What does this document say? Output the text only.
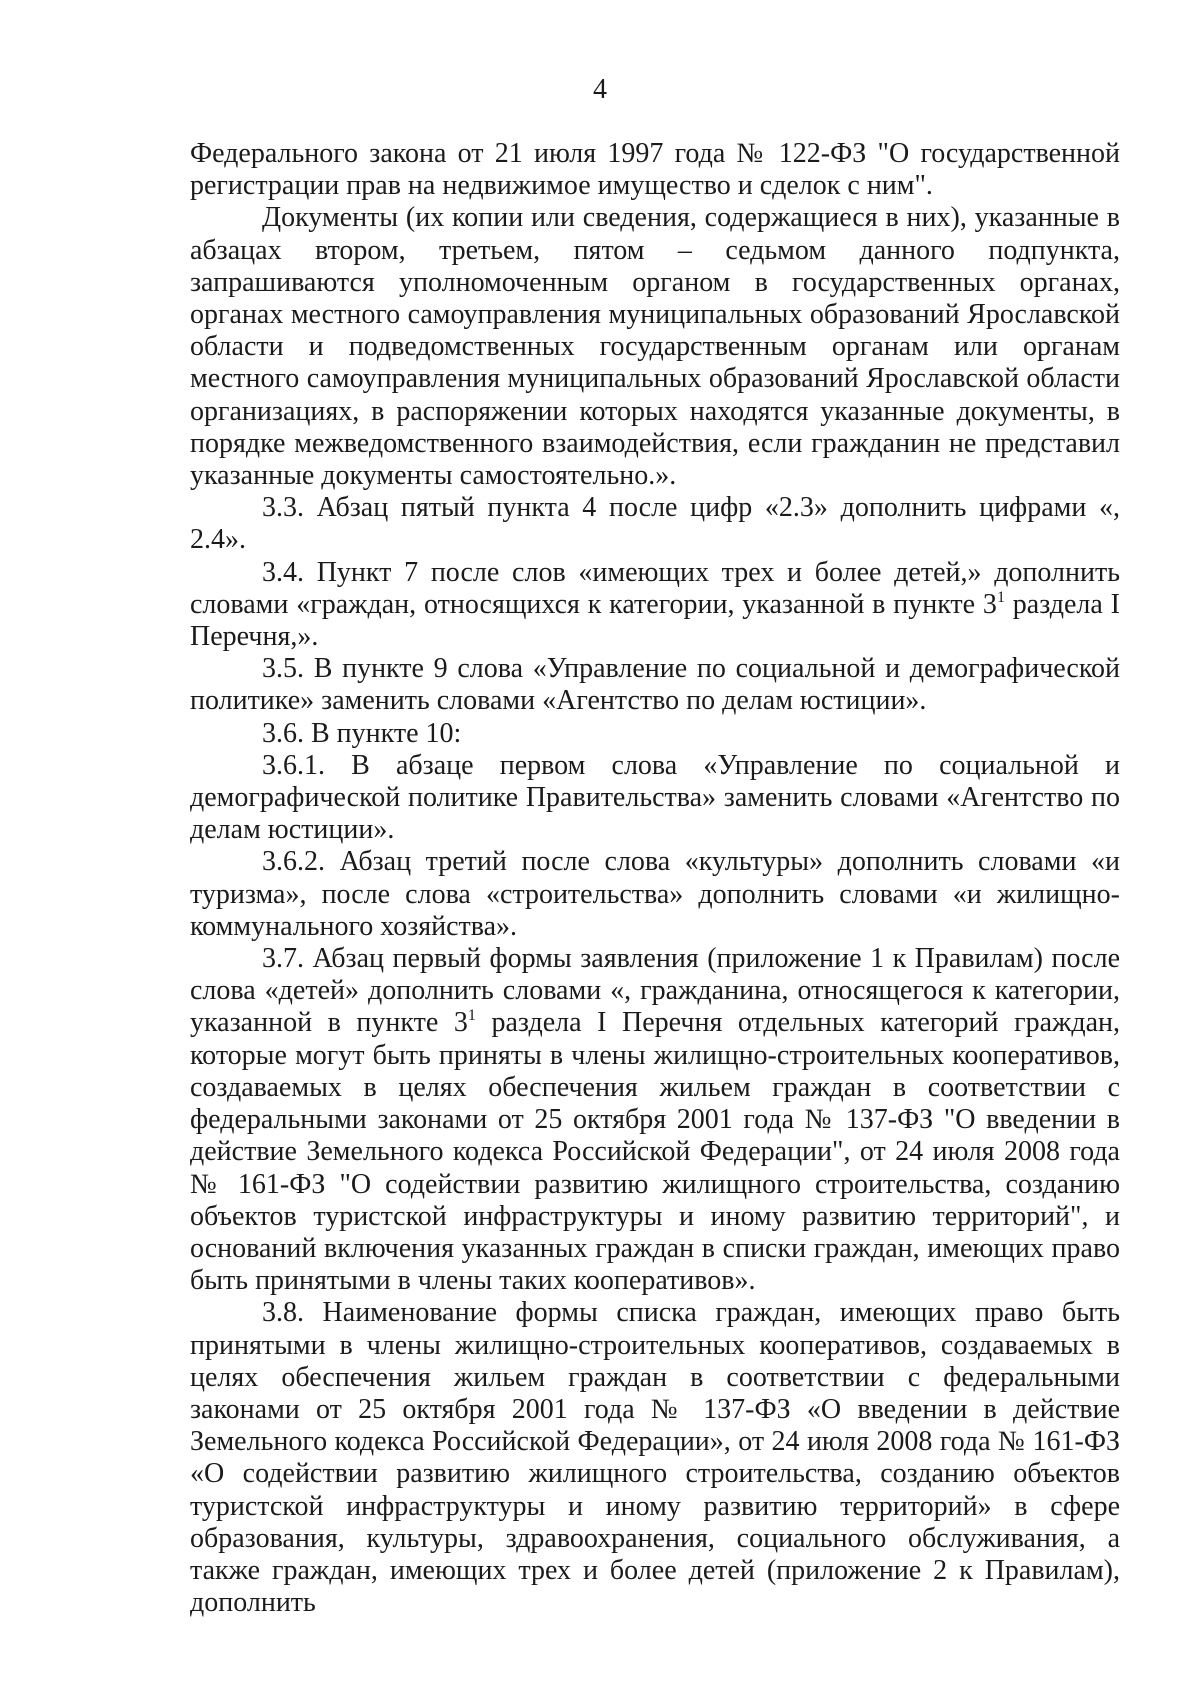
4

Федерального закона от 21 июля 1997 года № 122-ФЗ "О государственной регистрации прав на недвижимое имущество и сделок с ним".

Документы (их копии или сведения, содержащиеся в них), указанные в абзацах втором, третьем, пятом – седьмом данного подпункта, запрашиваются уполномоченным органом в государственных органах, органах местного самоуправления муниципальных образований Ярославской области и подведомственных государственным органам или органам местного самоуправления муниципальных образований Ярославской области организациях, в распоряжении которых находятся указанные документы, в порядке межведомственного взаимодействия, если гражданин не представил указанные документы самостоятельно.».

3.3. Абзац пятый пункта 4 после цифр «2.3» дополнить цифрами «, 2.4».

3.4. Пункт 7 после слов «имеющих трех и более детей,» дополнить словами «граждан, относящихся к категории, указанной в пункте $3^1$ раздела I Перечня,».

3.5. В пункте 9 слова «Управление по социальной и демографической политике» заменить словами «Агентство по делам юстиции».

3.6. В пункте 10:

3.6.1. В абзаце первом слова «Управление по социальной и демографической политике Правительства» заменить словами «Агентство по делам юстиции».

3.6.2. Абзац третий после слова «культуры» дополнить словами «и туризма», после слова «строительства» дополнить словами «и жилищно-коммунального хозяйства».

3.7. Абзац первый формы заявления (приложение 1 к Правилам) после слова «детей» дополнить словами «, гражданина, относящегося к категории, указанной в пункте $3^1$ раздела I Перечня отдельных категорий граждан, которые могут быть приняты в члены жилищно-строительных кооперативов, создаваемых в целях обеспечения жильем граждан в соответствии с федеральными законами от 25 октября 2001 года № 137-ФЗ "О введении в действие Земельного кодекса Российской Федерации", от 24 июля 2008 года № 161-ФЗ "О содействии развитию жилищного строительства, созданию объектов туристской инфраструктуры и иному развитию территорий", и оснований включения указанных граждан в списки граждан, имеющих право быть принятыми в члены таких кооперативов».

3.8. Наименование формы списка граждан, имеющих право быть принятыми в члены жилищно-строительных кооперативов, создаваемых в целях обеспечения жильем граждан в соответствии с федеральными законами от 25 октября 2001 года № 137-ФЗ «О введении в действие Земельного кодекса Российской Федерации», от 24 июля 2008 года № 161-ФЗ «О содействии развитию жилищного строительства, созданию объектов туристской инфраструктуры и иному развитию территорий» в сфере образования, культуры, здравоохранения, социального обслуживания, а также граждан, имеющих трех и более детей (приложение 2 к Правилам), дополнить
